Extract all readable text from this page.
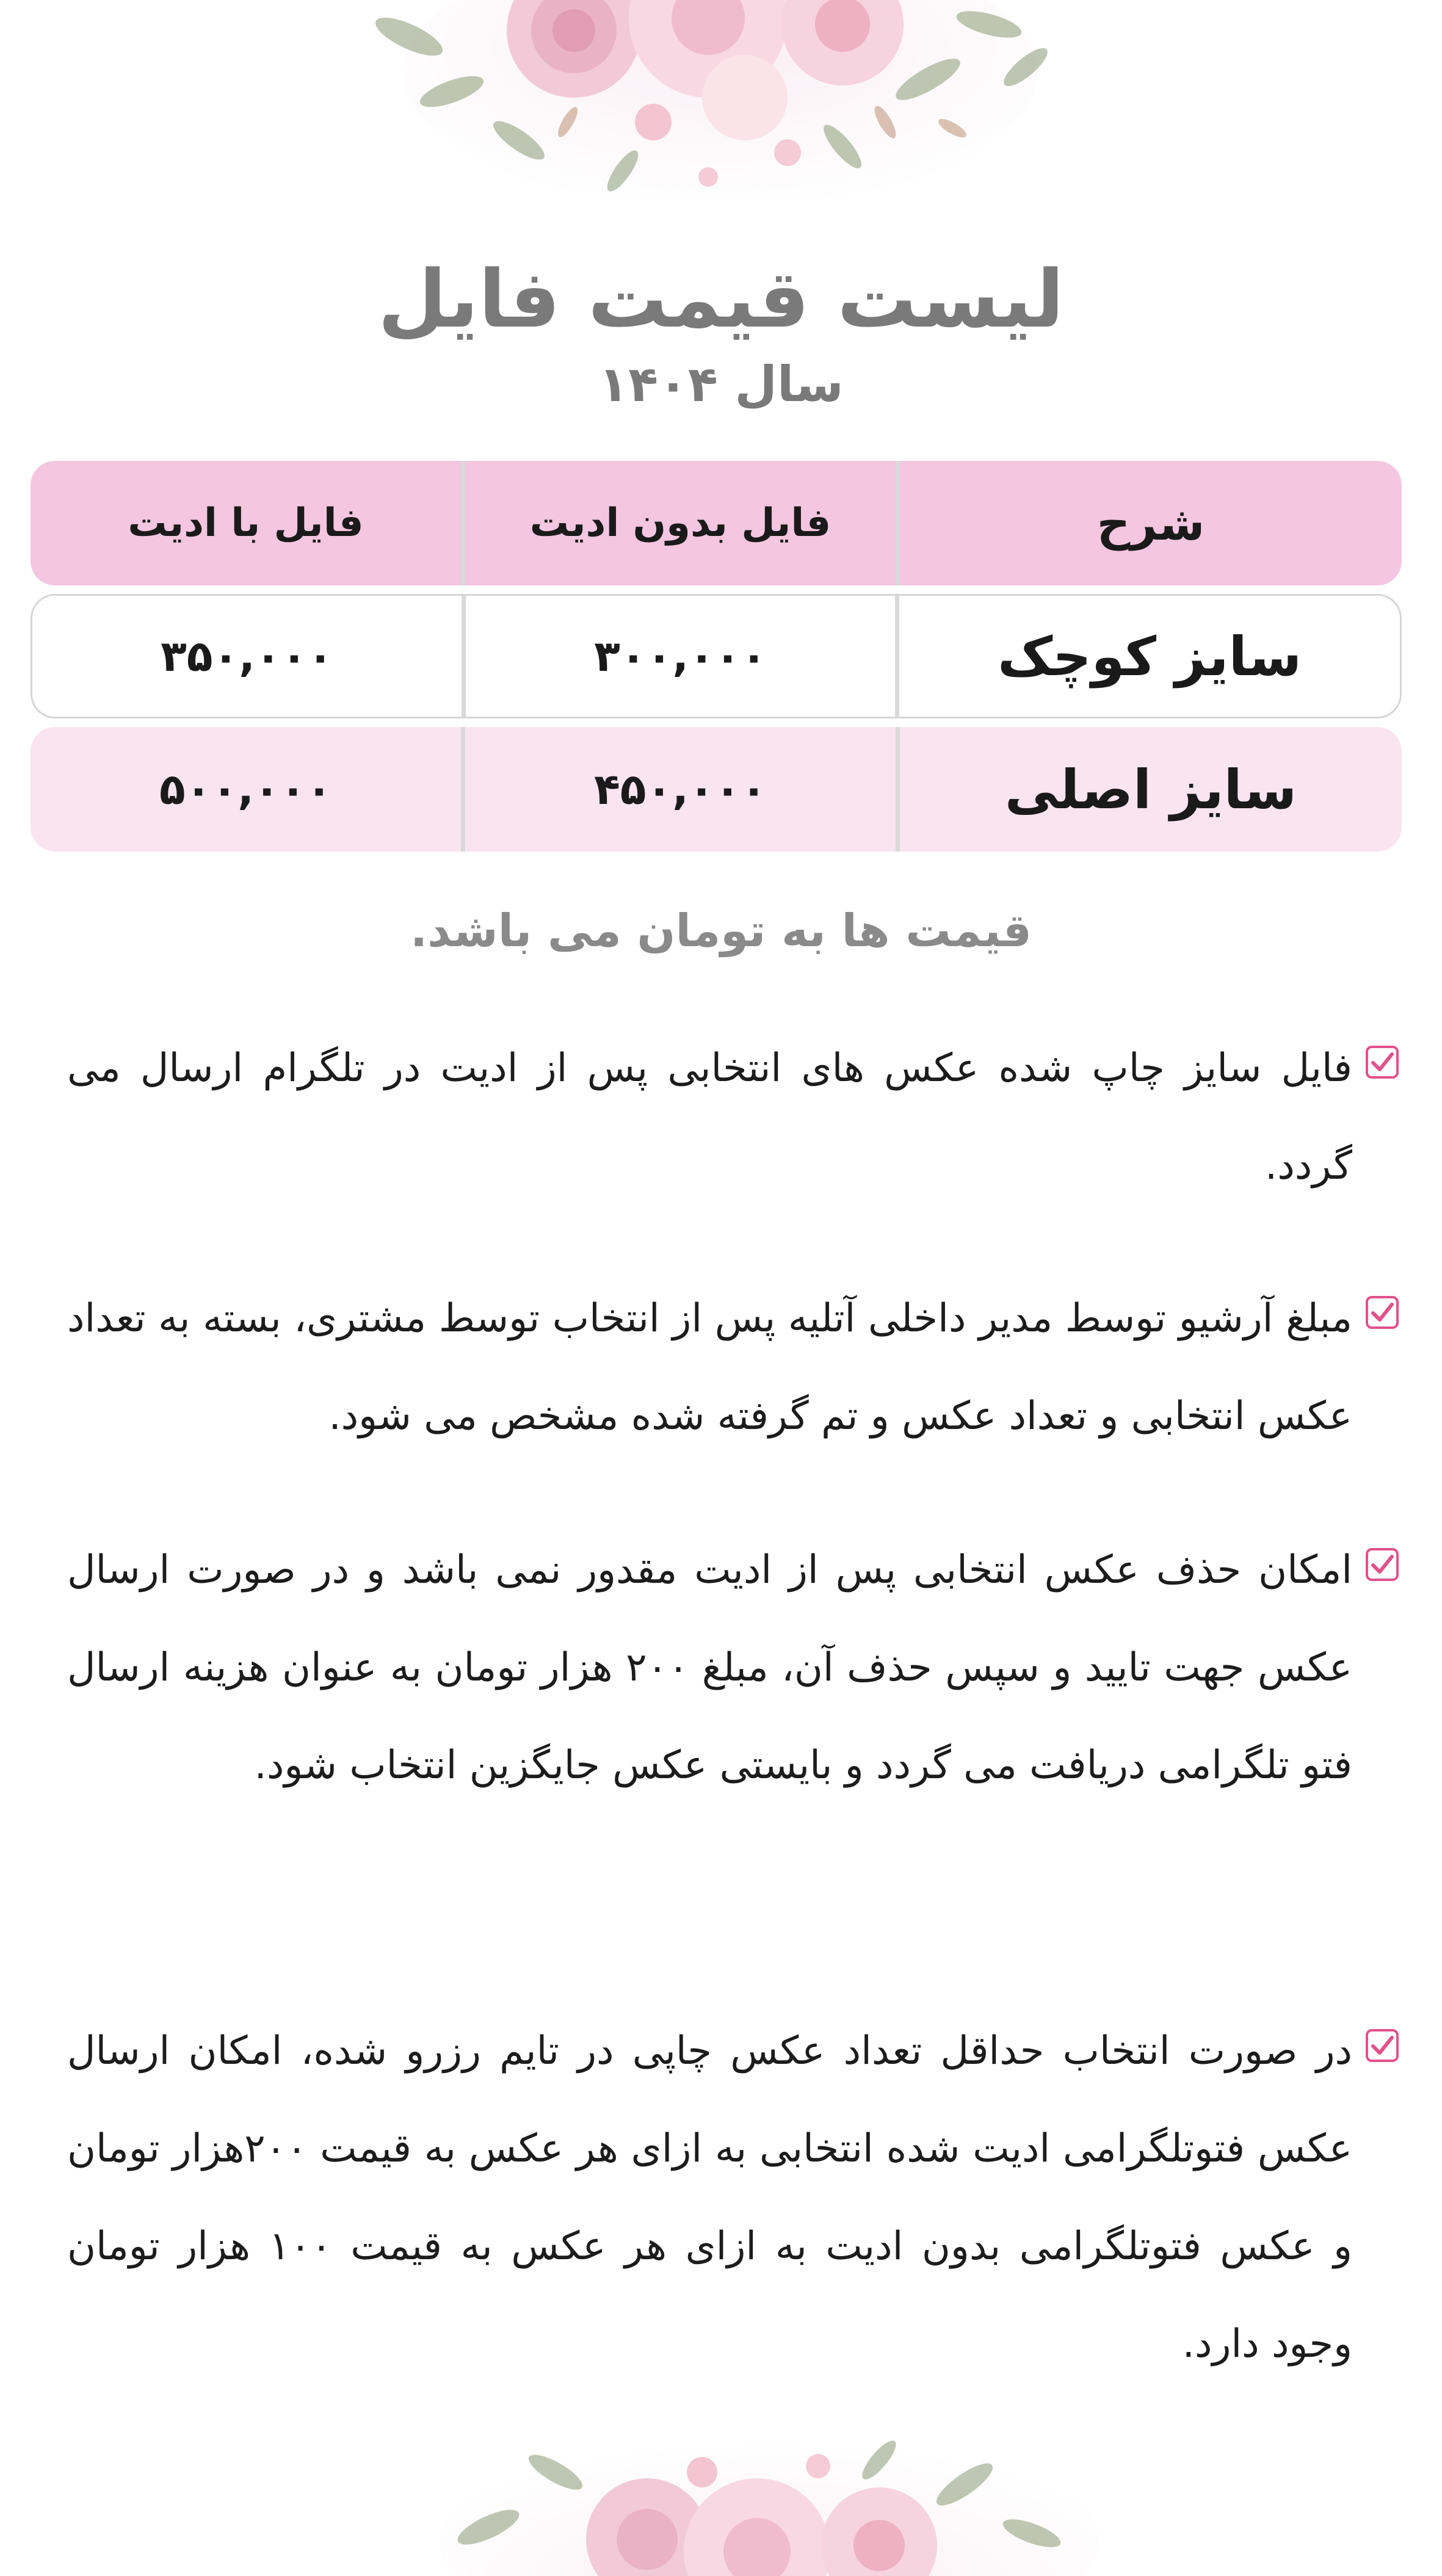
لیست قیمت فایل
سال ۱۴۰۴
شرح
فایل بدون ادیت
فایل با ادیت
سایز کوچک
۳۰۰,۰۰۰
۳۵۰,۰۰۰
سایز اصلی
۴۵۰,۰۰۰
۵۰۰,۰۰۰
قیمت ها به تومان می باشد.
فایل سایز چاپ شده عکس های انتخابی پس از ادیت در تلگرام ارسال می گردد.
مبلغ آرشیو توسط مدیر داخلی آتلیه پس از انتخاب توسط مشتری، بسته به تعداد عکس انتخابی و تعداد عکس و تم گرفته شده مشخص می شود.
امکان حذف عکس انتخابی پس از ادیت مقدور نمی باشد و در صورت ارسال عکس جهت تایید و سپس حذف آن، مبلغ ۲۰۰ هزار تومان به عنوان هزینه ارسال فتو تلگرامی دریافت می گردد و بایستی عکس جایگزین انتخاب شود.
در صورت انتخاب حداقل تعداد عکس چاپی در تایم رزرو شده، امکان ارسال عکس فتوتلگرامی ادیت شده انتخابی به ازای هر عکس به قیمت ۲۰۰هزار تومان و عکس فتوتلگرامی بدون ادیت به ازای هر عکس به قیمت ۱۰۰ هزار تومان وجود دارد.
